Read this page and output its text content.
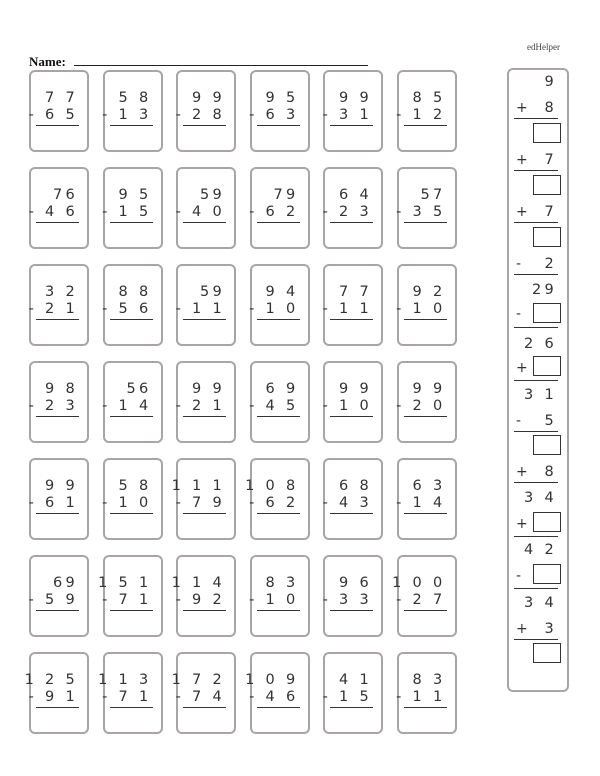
edHelper
Name:
7 7
- 6 5
5 8
- 1 3
9 9
- 2 8
9 5
- 6 3
9 9
- 3 1
8 5
- 1 2
76
- 4 6
9 5
- 1 5
59
- 4 0
79
- 6 2
6 4
- 2 3
57
- 3 5
3 2
- 2 1
8 8
- 5 6
59
- 1 1
9 4
- 1 0
7 7
- 1 1
9 2
- 1 0
9 8
- 2 3
56
- 1 4
9 9
- 2 1
6 9
- 4 5
9 9
- 1 0
9 9
- 2 0
9 9
- 6 1
5 8
- 1 0
1 1 1
- 7 9
1 0 8
- 6 2
6 8
- 4 3
6 3
- 1 4
69
- 5 9
1 5 1
- 7 1
1 1 4
- 9 2
8 3
- 1 0
9 6
- 3 3
1 0 0
- 2 7
1 2 5
- 9 1
1 1 3
- 7 1
1 7 2
- 7 4
1 0 9
- 4 6
4 1
- 1 5
8 3
- 1 1
9
+ 8
+ 7
+ 7
- 2
29
-
2 6
+
3 1
- 5
+ 8
3 4
+
4 2
-
3 4
+ 3
